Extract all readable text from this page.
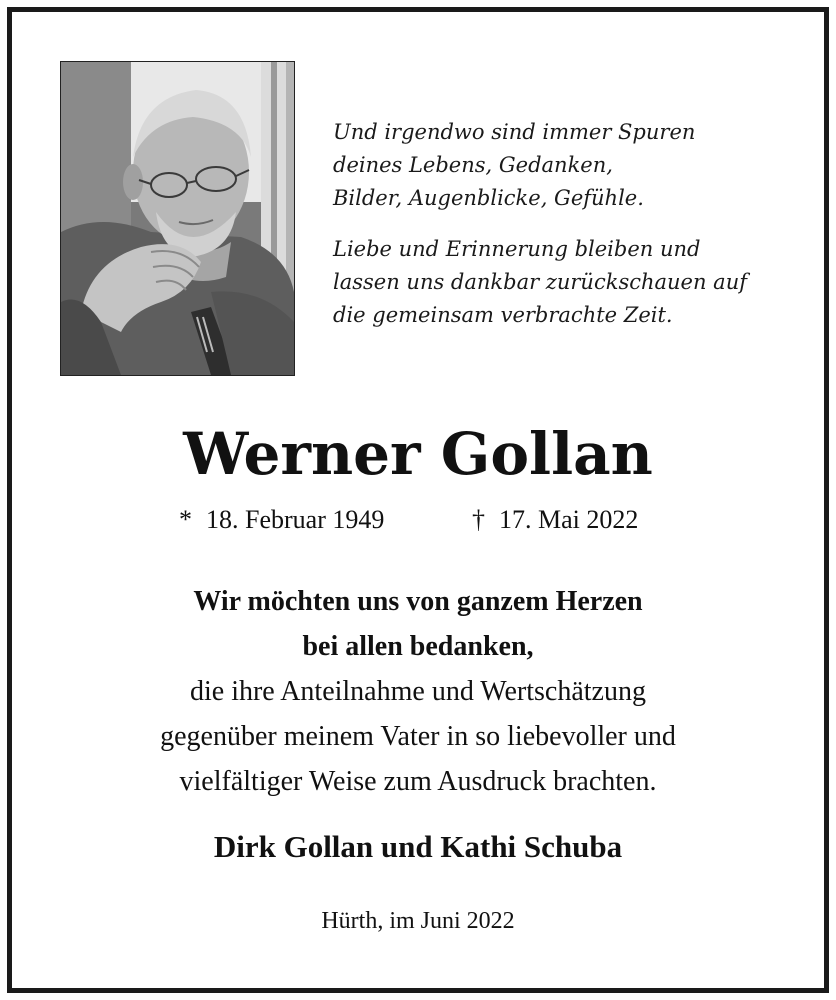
Und irgendwo sind immer Spuren
deines Lebens, Gedanken,
Bilder, Augenblicke, Gefühle.
Liebe und Erinnerung bleiben und
lassen uns dankbar zurückschauen auf
die gemeinsam verbrachte Zeit.
Werner Gollan
* 18. Februar 1949	† 17. Mai 2022
Wir möchten uns von ganzem Herzen
bei allen bedanken,
die ihre Anteilnahme und Wertschätzung
gegenüber meinem Vater in so liebevoller und
vielfältiger Weise zum Ausdruck brachten.
Dirk Gollan und Kathi Schuba
Hürth, im Juni 2022
